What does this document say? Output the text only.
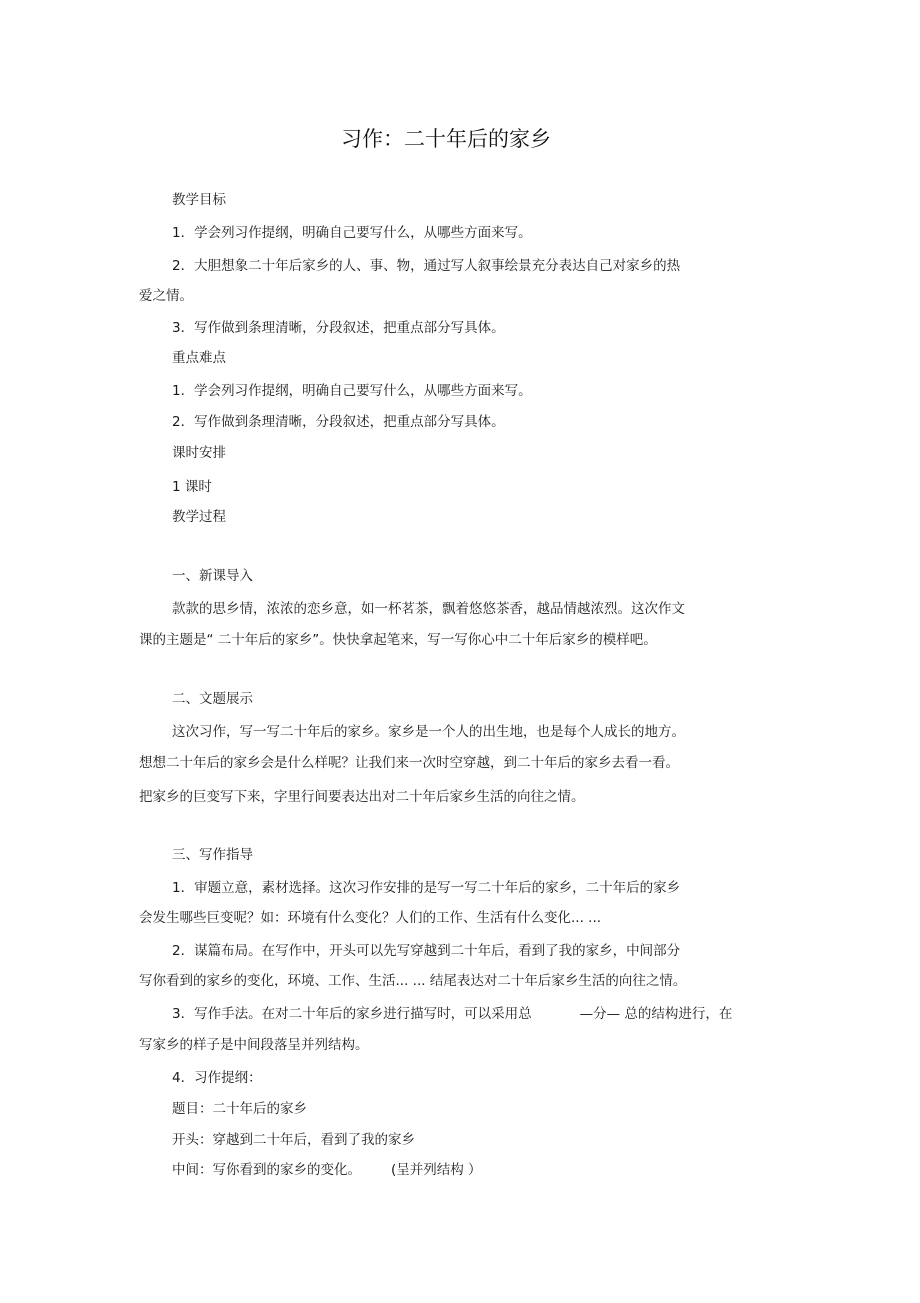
习作：二十年后的家乡
教学目标
1．学会列习作提纲，明确自己要写什么，从哪些方面来写。
2．大胆想象二十年后家乡的人、事、物，通过写人叙事绘景充分表达自己对家乡的热
爱之情。
3．写作做到条理清晰，分段叙述，把重点部分写具体。
重点难点
1．学会列习作提纲，明确自己要写什么，从哪些方面来写。
2．写作做到条理清晰，分段叙述，把重点部分写具体。
课时安排
1 课时
教学过程
一、新课导入
款款的思乡情，浓浓的恋乡意，如一杯茗茶，飘着悠悠茶香，越品情越浓烈。这次作文
课的主题是“ 二十年后的家乡”。快快拿起笔来，写一写你心中二十年后家乡的模样吧。
二、文题展示
这次习作，写一写二十年后的家乡。家乡是一个人的出生地，也是每个人成长的地方。
想想二十年后的家乡会是什么样呢？让我们来一次时空穿越，到二十年后的家乡去看一看。
把家乡的巨变写下来，字里行间要表达出对二十年后家乡生活的向往之情。
三、写作指导
1．审题立意，素材选择。这次习作安排的是写一写二十年后的家乡，二十年后的家乡
会发生哪些巨变呢？如：环境有什么变化？人们的工作、生活有什么变化... ...
2．谋篇布局。在写作中，开头可以先写穿越到二十年后，看到了我的家乡，中间部分
写你看到的家乡的变化，环境、工作、生活... ... 结尾表达对二十年后家乡生活的向往之情。
3．写作手法。在对二十年后的家乡进行描写时，可以采用总	—分— 总的结构进行，在
写家乡的样子是中间段落呈并列结构。
4．习作提纲：
题目：二十年后的家乡
开头：穿越到二十年后，看到了我的家乡
中间：写你看到的家乡的变化。 (呈并列结构 ）
